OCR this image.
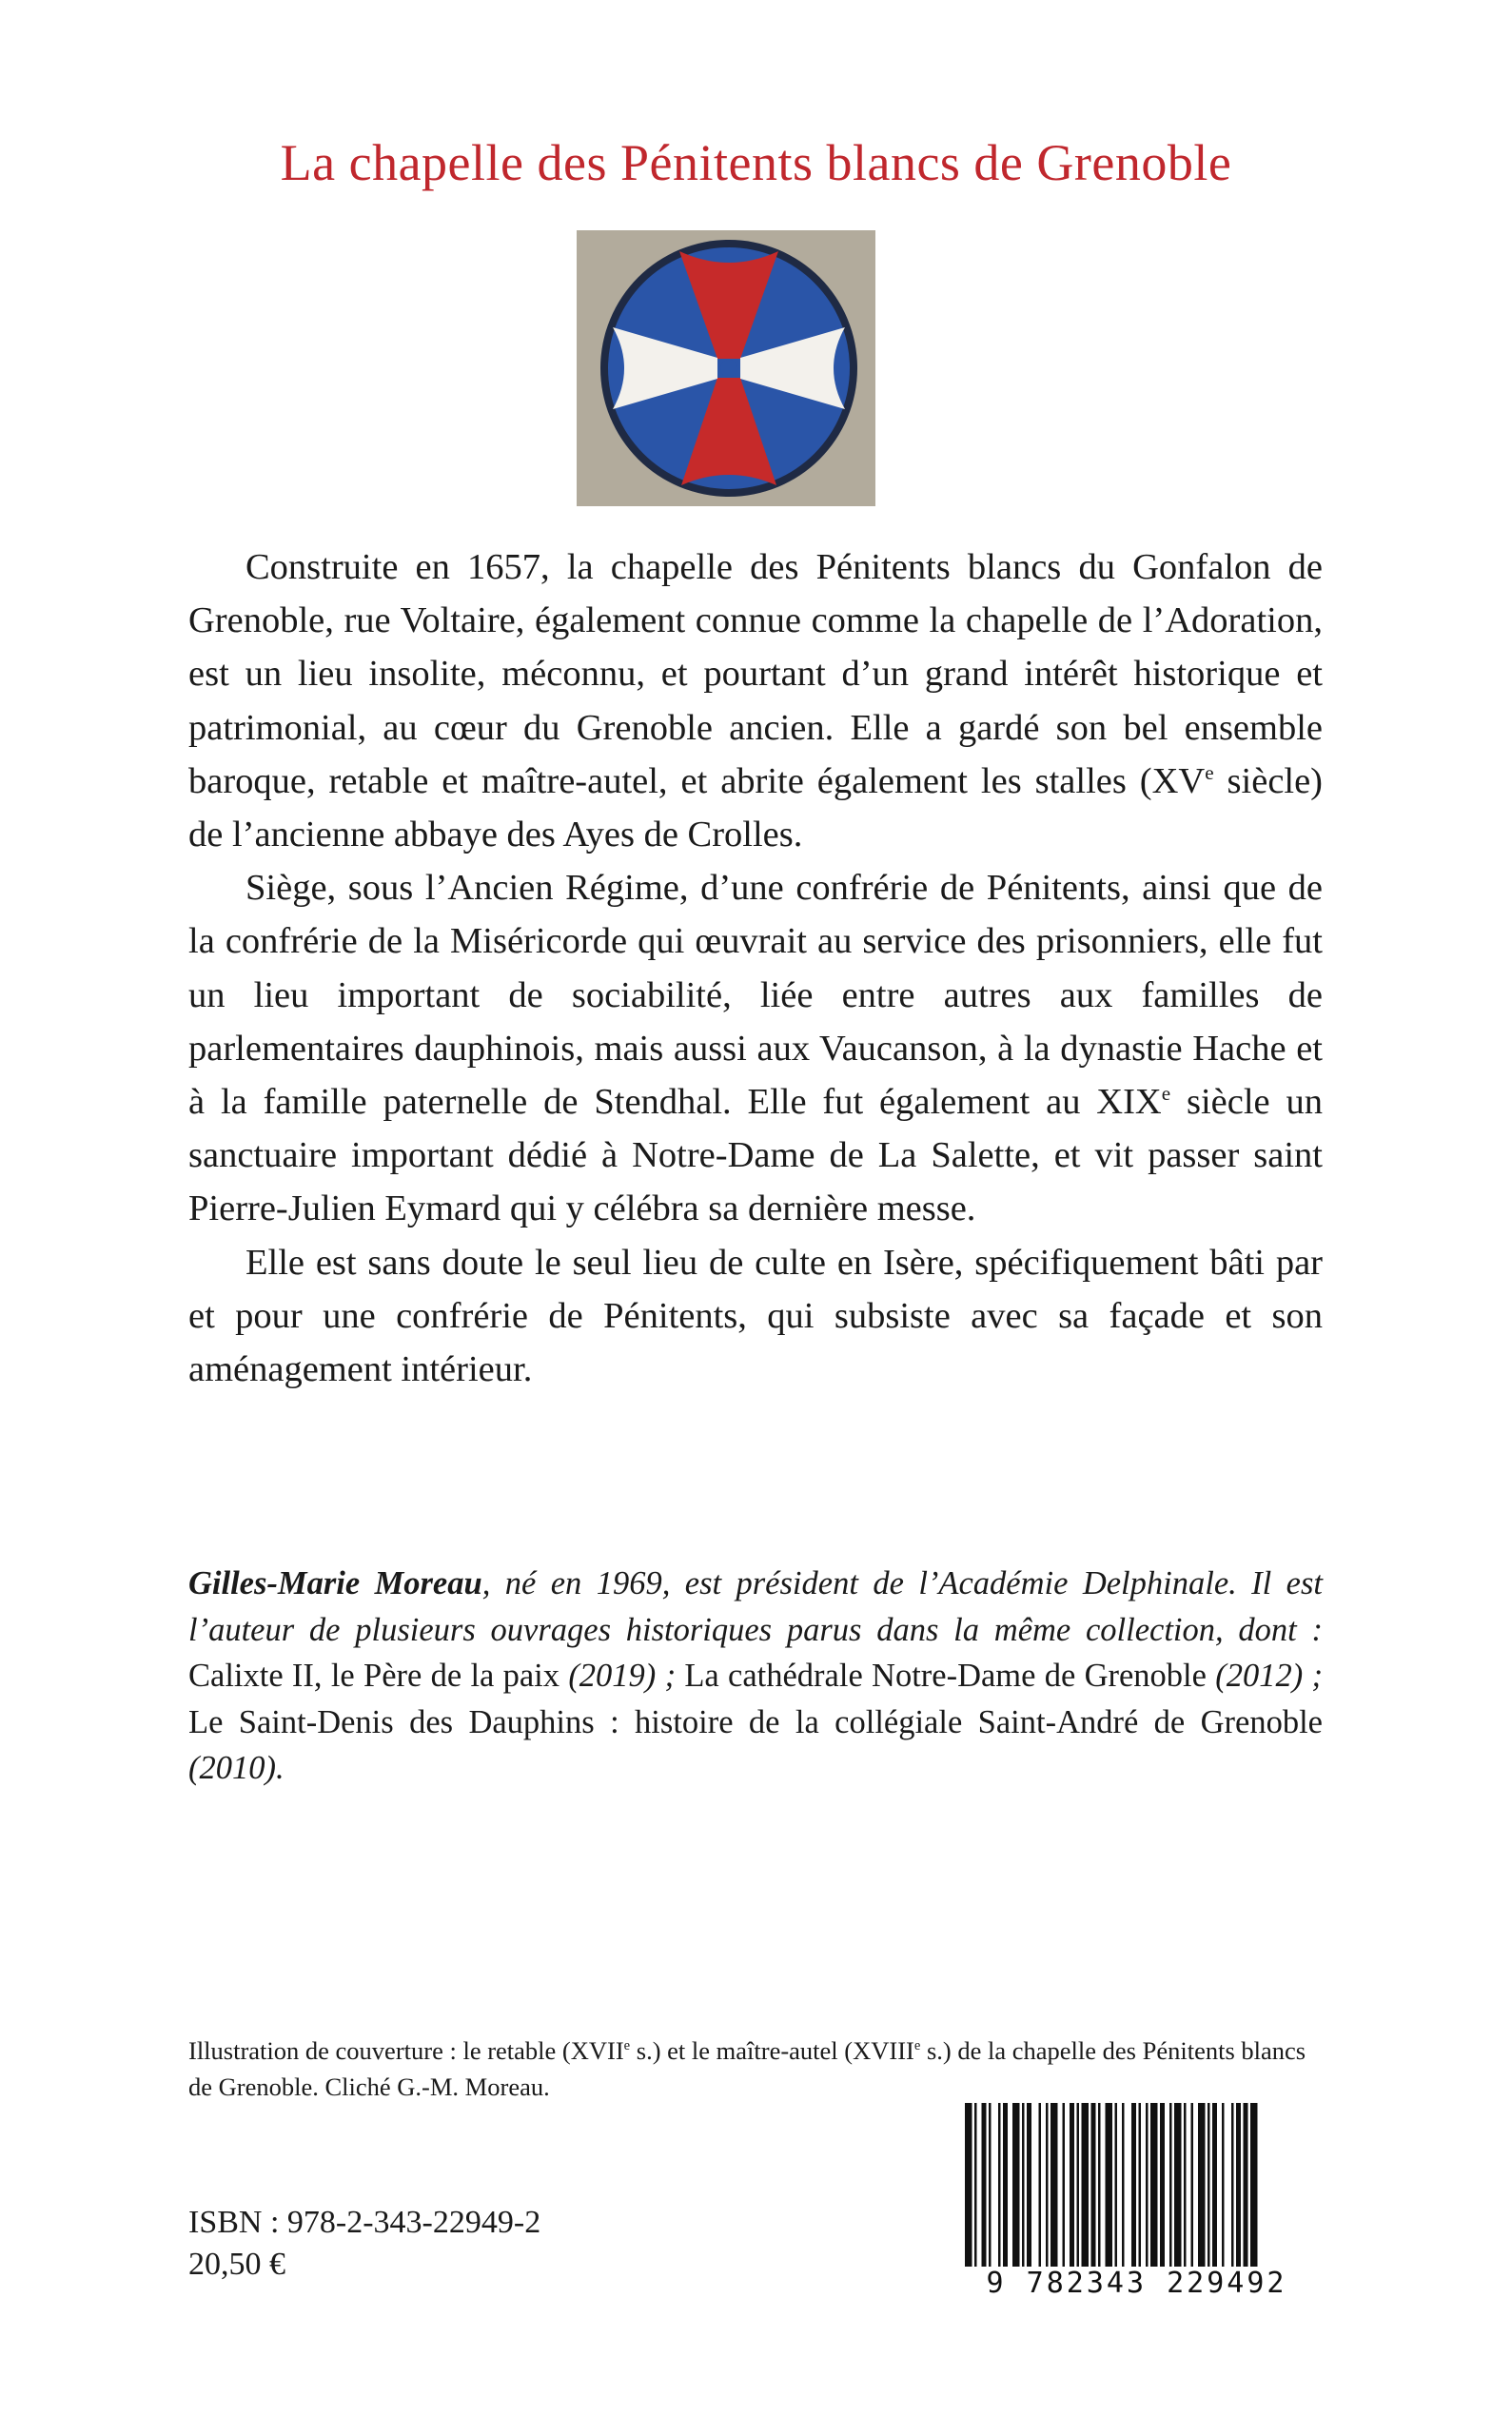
La chapelle des Pénitents blancs de Grenoble

Construite en 1657, la chapelle des Pénitents blancs du Gonfalon de Grenoble, rue Voltaire, également connue comme la chapelle de l’Adoration, est un lieu insolite, méconnu, et pourtant d’un grand intérêt historique et patrimonial, au cœur du Grenoble ancien. Elle a gardé son bel ensemble baroque, retable et maître-autel, et abrite également les stalles (XVe siècle) de l’ancienne abbaye des Ayes de Crolles.

Siège, sous l’Ancien Régime, d’une confrérie de Pénitents, ainsi que de la confrérie de la Miséricorde qui œuvrait au service des prisonniers, elle fut un lieu important de sociabilité, liée entre autres aux familles de parlementaires dauphinois, mais aussi aux Vaucanson, à la dynastie Hache et à la famille paternelle de Stendhal. Elle fut également au XIXe siècle un sanctuaire important dédié à Notre-Dame de La Salette, et vit passer saint Pierre-Julien Eymard qui y célébra sa dernière messe.

Elle est sans doute le seul lieu de culte en Isère, spécifiquement bâti par et pour une confrérie de Pénitents, qui subsiste avec sa façade et son aménagement intérieur.

Gilles-Marie Moreau, né en 1969, est président de l’Académie Delphinale. Il est l’auteur de plusieurs ouvrages historiques parus dans la même collection, dont : Calixte II, le Père de la paix (2019) ; La cathédrale Notre-Dame de Grenoble (2012) ; Le Saint-Denis des Dauphins : histoire de la collégiale Saint-André de Grenoble (2010).
Illustration de couverture : le retable (XVIIe s.) et le maître-autel (XVIIIe s.) de la chapelle des Pénitents blancs de Grenoble. Cliché G.-M. Moreau.
ISBN : 978-2-343-22949-2
20,50 €
9 782343 229492
